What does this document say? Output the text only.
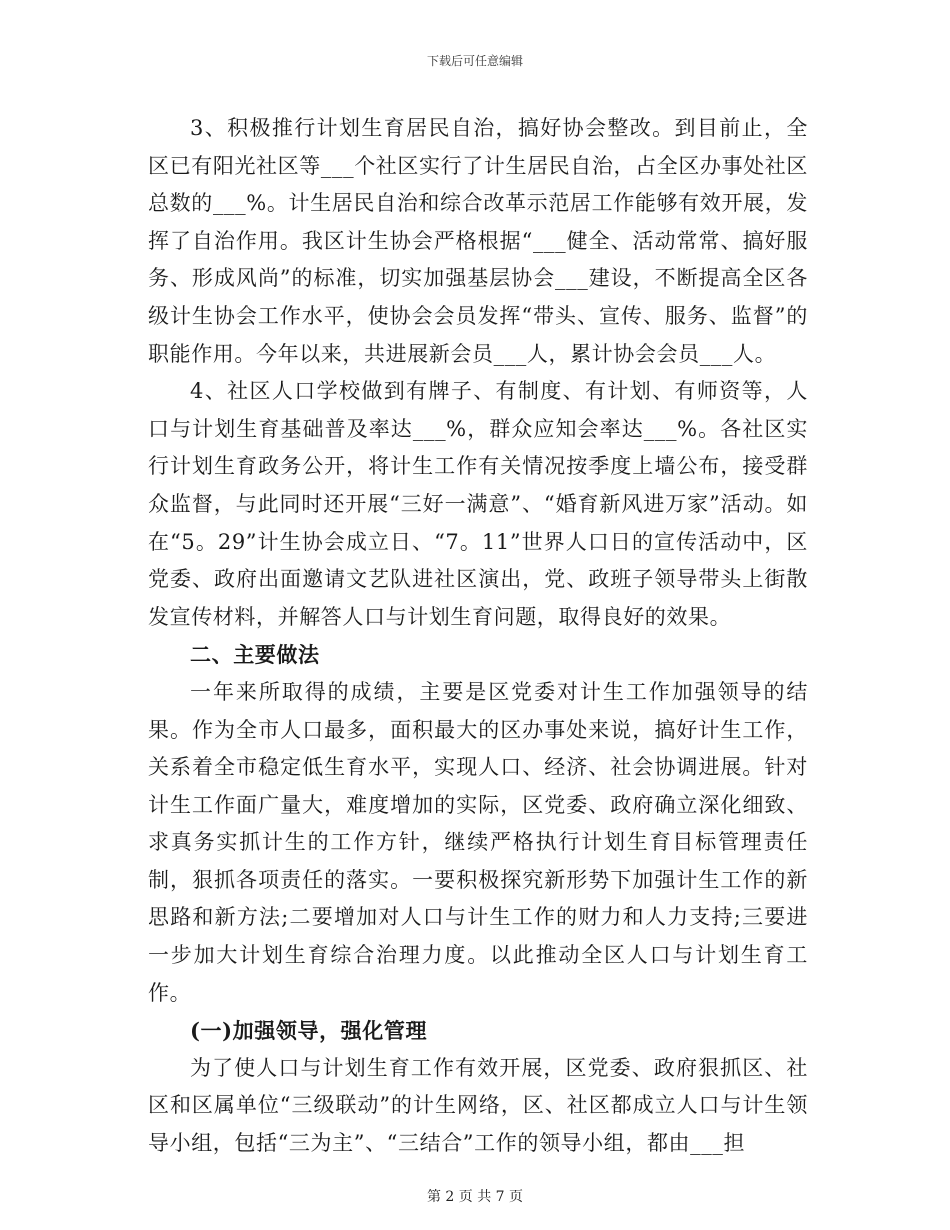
下载后可任意编辑

3、积极推行计划生育居民自治，搞好协会整改。到目前止，全区已有阳光社区等___个社区实行了计生居民自治，占全区办事处社区总数的___%。计生居民自治和综合改革示范居工作能够有效开展，发挥了自治作用。我区计生协会严格根据“___健全、活动常常、搞好服务、形成风尚”的标准，切实加强基层协会___建设，不断提高全区各级计生协会工作水平，使协会会员发挥“带头、宣传、服务、监督”的职能作用。今年以来，共进展新会员___人，累计协会会员___人。

4、社区人口学校做到有牌子、有制度、有计划、有师资等，人口与计划生育基础普及率达___%，群众应知会率达___%。各社区实行计划生育政务公开，将计生工作有关情况按季度上墙公布，接受群众监督，与此同时还开展“三好一满意”、“婚育新风进万家”活动。如在“5。29”计生协会成立日、“7。11”世界人口日的宣传活动中，区党委、政府出面邀请文艺队进社区演出，党、政班子领导带头上街散发宣传材料，并解答人口与计划生育问题，取得良好的效果。

二、主要做法

一年来所取得的成绩，主要是区党委对计生工作加强领导的结果。作为全市人口最多，面积最大的区办事处来说，搞好计生工作，关系着全市稳定低生育水平，实现人口、经济、社会协调进展。针对计生工作面广量大，难度增加的实际，区党委、政府确立深化细致、求真务实抓计生的工作方针，继续严格执行计划生育目标管理责任制，狠抓各项责任的落实。一要积极探究新形势下加强计生工作的新思路和新方法;二要增加对人口与计生工作的财力和人力支持;三要进一步加大计划生育综合治理力度。以此推动全区人口与计划生育工作。

(一)加强领导，强化管理

为了使人口与计划生育工作有效开展，区党委、政府狠抓区、社区和区属单位“三级联动”的计生网络，区、社区都成立人口与计生领导小组，包括“三为主”、“三结合”工作的领导小组，都由___担

第 2 页 共 7 页
